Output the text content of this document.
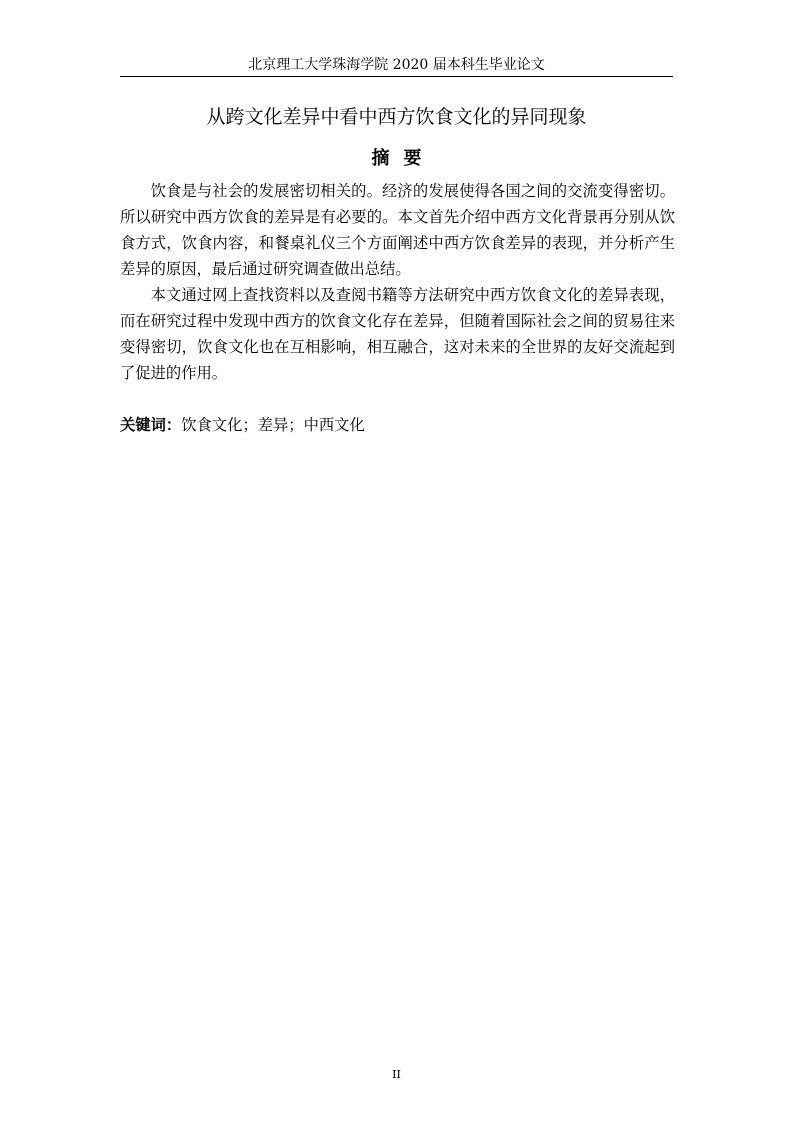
北京理工大学珠海学院 2020 届本科生毕业论文
从跨文化差异中看中西方饮食文化的异同现象
摘要

饮食是与社会的发展密切相关的。经济的发展使得各国之间的交流变得密切。所以研究中西方饮食的差异是有必要的。本文首先介绍中西方文化背景再分别从饮食方式，饮食内容，和餐桌礼仪三个方面阐述中西方饮食差异的表现，并分析产生差异的原因，最后通过研究调查做出总结。

本文通过网上查找资料以及查阅书籍等方法研究中西方饮食文化的差异表现，而在研究过程中发现中西方的饮食文化存在差异，但随着国际社会之间的贸易往来变得密切，饮食文化也在互相影响，相互融合，这对未来的全世界的友好交流起到了促进的作用。

关键词：饮食文化；差异；中西文化
II
